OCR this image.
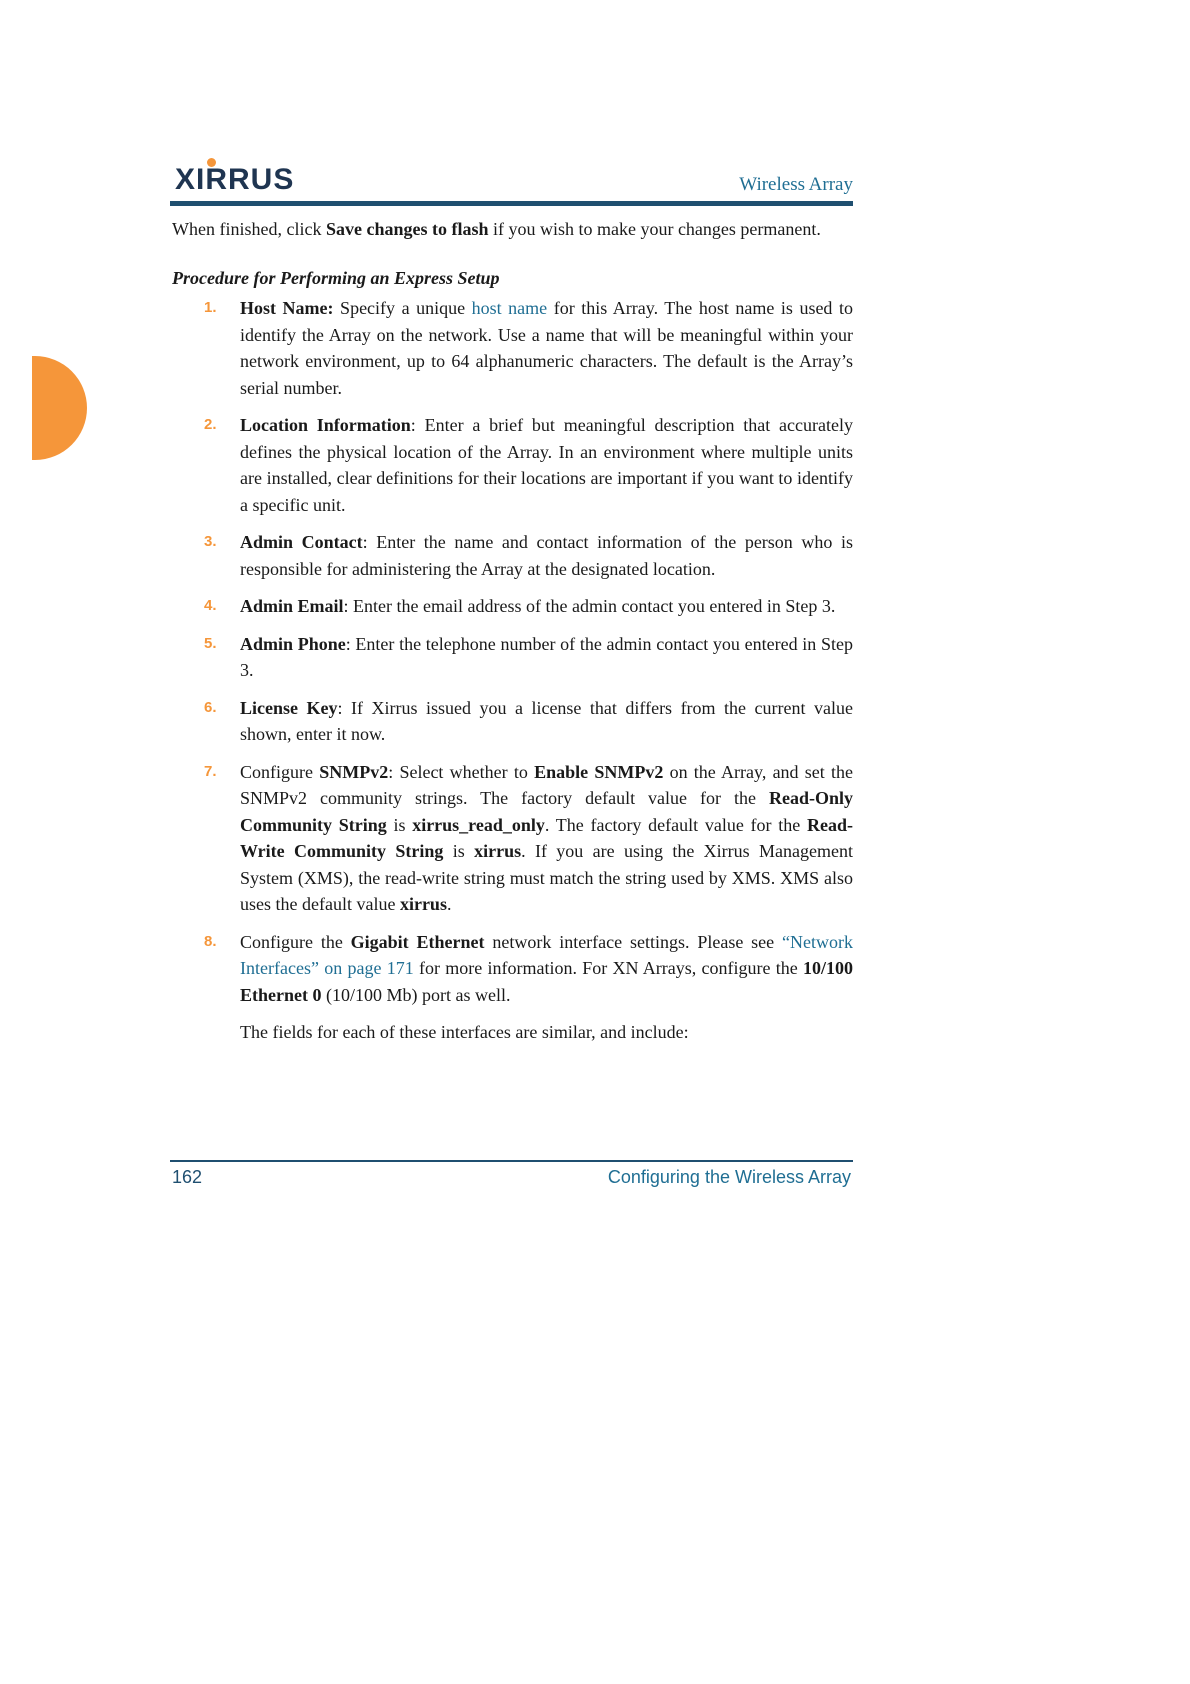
XIRRUS	Wireless Array

When finished, click Save changes to flash if you wish to make your changes permanent.

Procedure for Performing an Express Setup

1. Host Name: Specify a unique host name for this Array. The host name is used to identify the Array on the network. Use a name that will be meaningful within your network environment, up to 64 alphanumeric characters. The default is the Array’s serial number.
2. Location Information: Enter a brief but meaningful description that accurately defines the physical location of the Array. In an environment where multiple units are installed, clear definitions for their locations are important if you want to identify a specific unit.
3. Admin Contact: Enter the name and contact information of the person who is responsible for administering the Array at the designated location.
4. Admin Email: Enter the email address of the admin contact you entered in Step 3.
5. Admin Phone: Enter the telephone number of the admin contact you entered in Step 3.
6. License Key: If Xirrus issued you a license that differs from the current value shown, enter it now.
7. Configure SNMPv2: Select whether to Enable SNMPv2 on the Array, and set the SNMPv2 community strings. The factory default value for the Read-Only Community String is xirrus_read_only. The factory default value for the Read-Write Community String is xirrus. If you are using the Xirrus Management System (XMS), the read-write string must match the string used by XMS. XMS also uses the default value xirrus.
8. Configure the Gigabit Ethernet network interface settings. Please see “Network Interfaces” on page 171 for more information. For XN Arrays, configure the 10/100 Ethernet 0 (10/100 Mb) port as well.

The fields for each of these interfaces are similar, and include:

162	Configuring the Wireless Array
